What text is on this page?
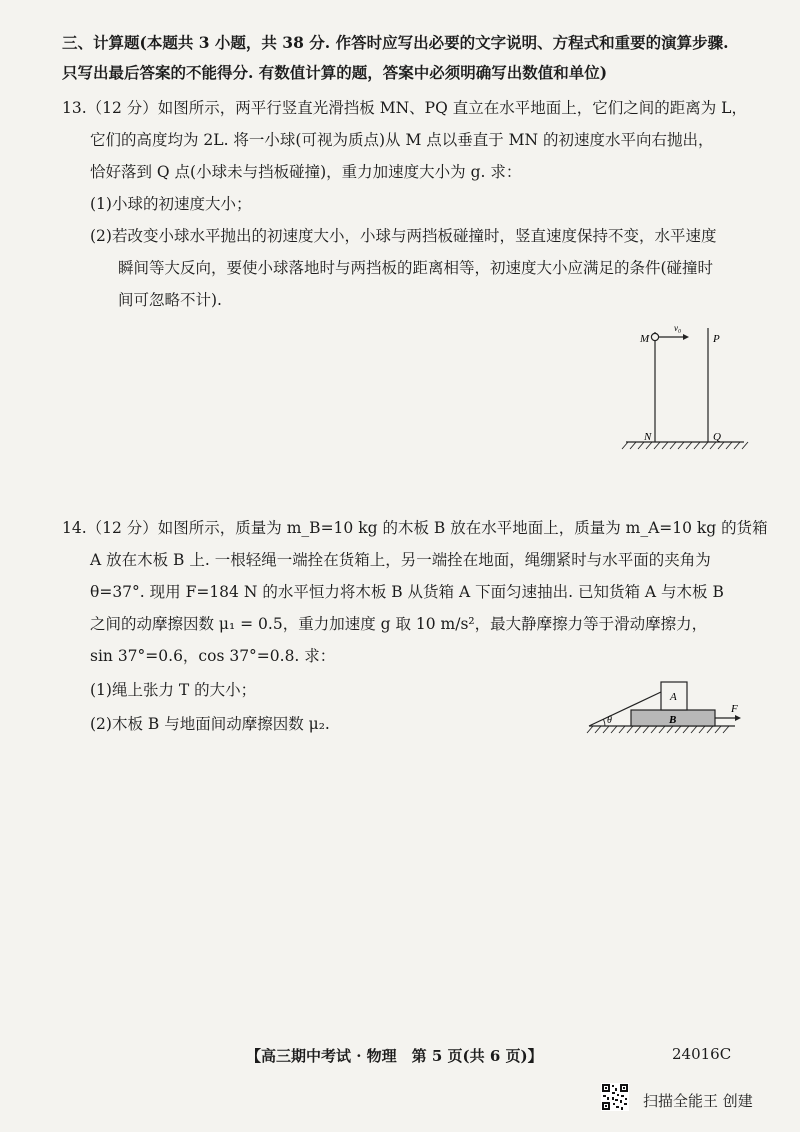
三、计算题(本题共 3 小题，共 38 分. 作答时应写出必要的文字说明、方程式和重要的演算步骤.
只写出最后答案的不能得分. 有数值计算的题，答案中必须明确写出数值和单位)
13.（12 分）如图所示，两平行竖直光滑挡板 MN、PQ 直立在水平地面上，它们之间的距离为 L，
它们的高度均为 2L. 将一小球(可视为质点)从 M 点以垂直于 MN 的初速度水平向右抛出，
恰好落到 Q 点(小球未与挡板碰撞)，重力加速度大小为 g. 求：
(1)小球的初速度大小；
(2)若改变小球水平抛出的初速度大小，小球与两挡板碰撞时，竖直速度保持不变，水平速度
瞬间等大反向，要使小球落地时与两挡板的距离相等，初速度大小应满足的条件(碰撞时
间可忽略不计).
M
v₀
P
N	Q
14.（12 分）如图所示，质量为 m_B=10 kg 的木板 B 放在水平地面上，质量为 m_A=10 kg 的货箱
A 放在木板 B 上. 一根轻绳一端拴在货箱上，另一端拴在地面，绳绷紧时与水平面的夹角为
θ=37°. 现用 F=184 N 的水平恒力将木板 B 从货箱 A 下面匀速抽出. 已知货箱 A 与木板 B
之间的动摩擦因数 μ₁ = 0.5，重力加速度 g 取 10 m/s²，最大静摩擦力等于滑动摩擦力，
sin 37°=0.6，cos 37°=0.8. 求：
(1)绳上张力 T 的大小；
(2)木板 B 与地面间动摩擦因数 μ₂.	θ
A
B
F
【高三期中考试 · 物理　第 5 页(共 6 页)】	24016C
扫描全能王 创建
